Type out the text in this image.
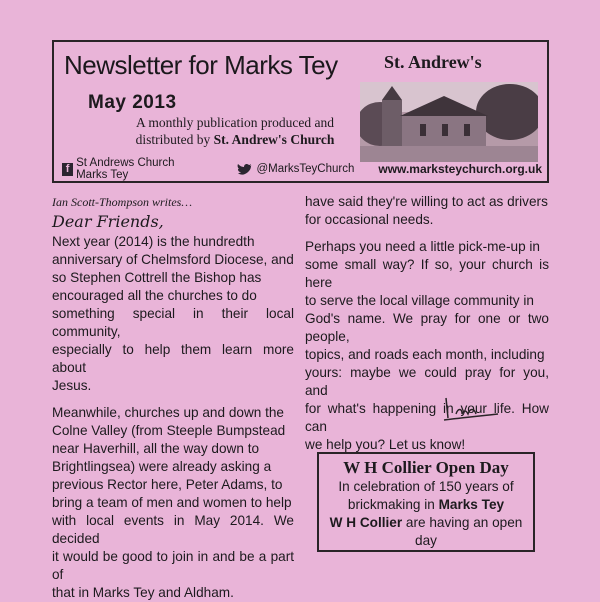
Newsletter for Marks Tey	St. Andrew's
May 2013
A monthly publication produced and
distributed by St. Andrew's Church
f St Andrews Church Marks Tey	@MarksTeyChurch www.marksteychurch.org.uk
Ian Scott-Thompson writes…
Dear Friends,

Next year (2014) is the hundredth
anniversary of Chelmsford Diocese, and
so Stephen Cottrell the Bishop has
encouraged all the churches to do
something special in their local community,
especially to help them learn more about
Jesus.

Meanwhile, churches up and down the
Colne Valley (from Steeple Bumpstead
near Haverhill, all the way down to
Brightlingsea) were already asking a
previous Rector here, Peter Adams, to
bring a team of men and women to help
with local events in May 2014. We decided
it would be good to join in and be a part of
that in Marks Tey and Aldham.

have said they're willing to act as drivers
for occasional needs.

Perhaps you need a little pick-me-up in
some small way? If so, your church is here
to serve the local village community in
God's name. We pray for one or two people,
topics, and roads each month, including
yours: maybe we could pray for you, and
for what's happening in your life. How can
we help you? Let us know!

W H Collier Open Day
In celebration of 150 years of
brickmaking in Marks Tey
W H Collier are having an open day
